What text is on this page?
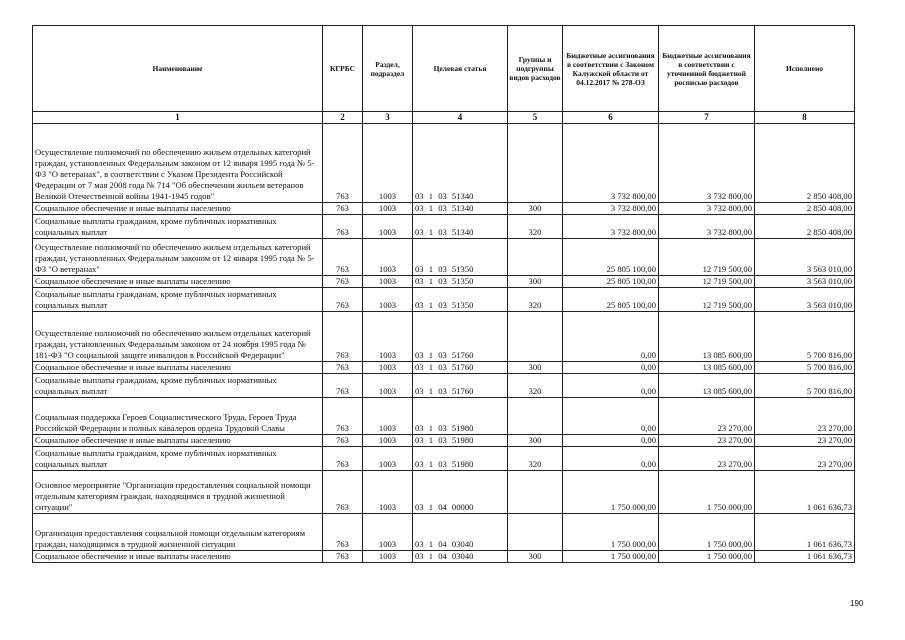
Наименование	КГРБС	Раздел, подраздел	Целевая статья	Группы и подгруппы видов расходов	Бюджетные ассигнования в соответствии с Законом Калужской области от 04.12.2017 № 278-ОЗ	Бюджетные ассигнования в соответствии с уточненной бюджетной росписью расходов	Исполнено
1	2	3	4	5	6	7	8
Осуществление полномочий по обеспечению жильем отдельных категорий граждан, установленных Федеральным законом от 12 января 1995 года № 5-ФЗ "О ветеранах", в соответствии с Указом Президента Российской Федерации от 7 мая 2008 года № 714 "Об обеспечении жильем ветеранов Великой Отечественной войны 1941-1945 годов"	763	1003	03 1 03 51340		3 732 800,00	3 732 800,00	2 850 408,00
Социальное обеспечение и иные выплаты населению	763	1003	03 1 03 51340	300	3 732 800,00	3 732 800,00	2 850 408,00
Социальные выплаты гражданам, кроме публичных нормативных социальных выплат	763	1003	03 1 03 51340	320	3 732 800,00	3 732 800,00	2 850 408,00
Осуществление полномочий по обеспечению жильем отдельных категорий граждан, установленных Федеральным законом от 12 января 1995 года № 5-ФЗ "О ветеранах"	763	1003	03 1 03 51350		25 805 100,00	12 719 500,00	3 563 010,00
Социальное обеспечение и иные выплаты населению	763	1003	03 1 03 51350	300	25 805 100,00	12 719 500,00	3 563 010,00
Социальные выплаты гражданам, кроме публичных нормативных социальных выплат	763	1003	03 1 03 51350	320	25 805 100,00	12 719 500,00	3 563 010,00
Осуществление полномочий по обеспечению жильем отдельных категорий граждан, установленных Федеральным законом от 24 ноября 1995 года № 181-ФЗ "О социальной защите инвалидов в Российской Федерации"	763	1003	03 1 03 51760		0,00	13 085 600,00	5 700 816,00
Социальное обеспечение и иные выплаты населению	763	1003	03 1 03 51760	300	0,00	13 085 600,00	5 700 816,00
Социальные выплаты гражданам, кроме публичных нормативных социальных выплат	763	1003	03 1 03 51760	320	0,00	13 085 600,00	5 700 816,00
Социальная поддержка Героев Социалистического Труда, Героев Труда Российской Федерации и полных кавалеров ордена Трудовой Славы	763	1003	03 1 03 51980		0,00	23 270,00	23 270,00
Социальное обеспечение и иные выплаты населению	763	1003	03 1 03 51980	300	0,00	23 270,00	23 270,00
Социальные выплаты гражданам, кроме публичных нормативных социальных выплат	763	1003	03 1 03 51980	320	0,00	23 270,00	23 270,00
Основное мероприятие "Организация предоставления социальной помощи отдельным категориям граждан, находящимся в трудной жизненной ситуации"	763	1003	03 1 04 00000		1 750 000,00	1 750 000,00	1 061 636,73
Организация предоставления социальной помощи отдельным категориям граждан, находящимся в трудной жизненной ситуации	763	1003	03 1 04 03040		1 750 000,00	1 750 000,00	1 061 636,73
Социальное обеспечение и иные выплаты населению	763	1003	03 1 04 03040	300	1 750 000,00	1 750 000,00	1 061 636,73
190
